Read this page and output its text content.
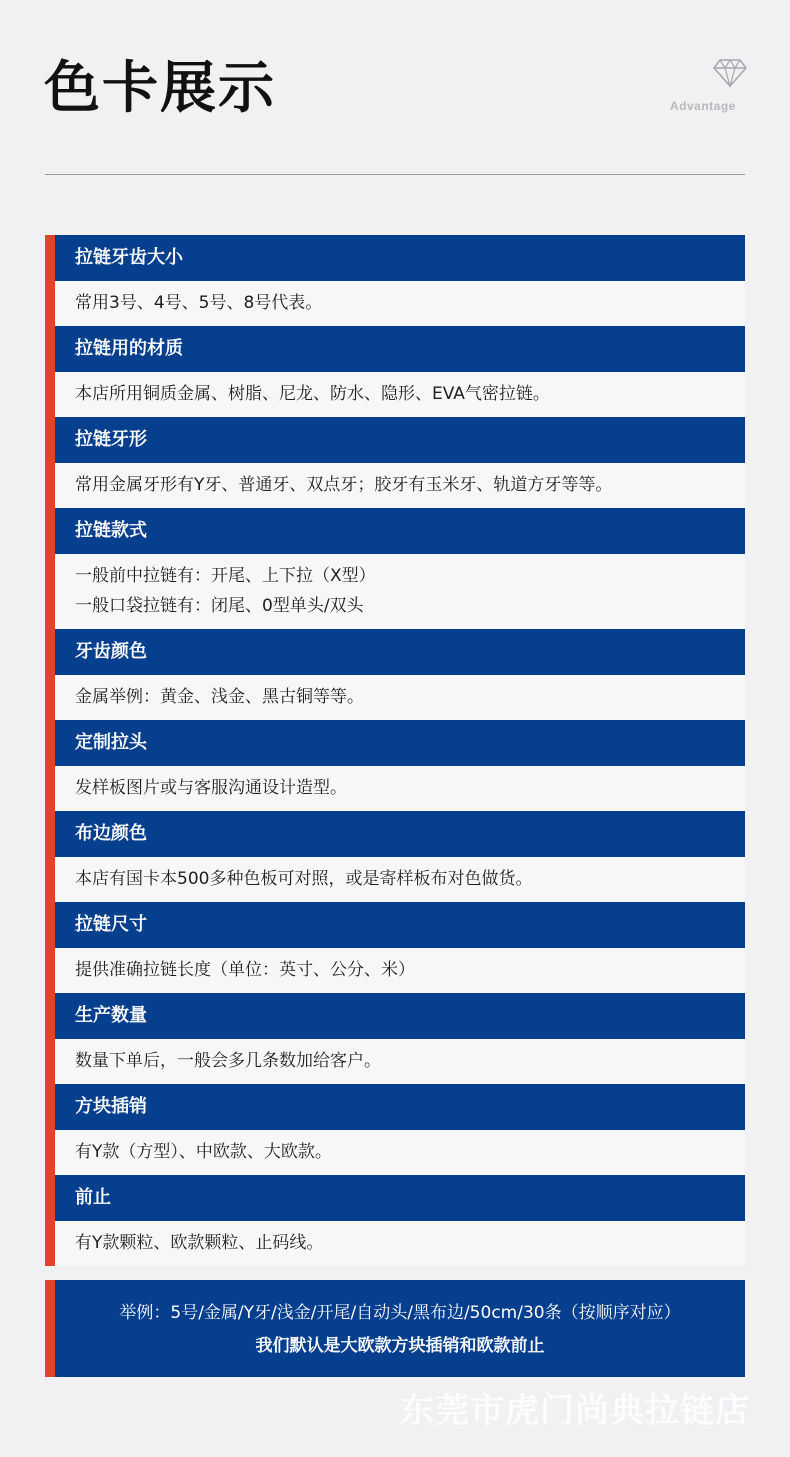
色卡展示	Advantage
拉链牙齿大小
常用3号、4号、5号、8号代表。
拉链用的材质
本店所用铜质金属、树脂、尼龙、防水、隐形、EVA气密拉链。
拉链牙形
常用金属牙形有Y牙、普通牙、双点牙；胶牙有玉米牙、轨道方牙等等。
拉链款式
一般前中拉链有：开尾、上下拉（X型）
一般口袋拉链有：闭尾、0型单头/双头
牙齿颜色
金属举例：黄金、浅金、黑古铜等等。
定制拉头
发样板图片或与客服沟通设计造型。
布边颜色
本店有国卡本500多种色板可对照，或是寄样板布对色做货。
拉链尺寸
提供准确拉链长度（单位：英寸、公分、米）
生产数量
数量下单后，一般会多几条数加给客户。
方块插销
有Y款（方型）、中欧款、大欧款。
前止
有Y款颗粒、欧款颗粒、止码线。
举例：5号/金属/Y牙/浅金/开尾/自动头/黑布边/50cm/30条（按顺序对应）
我们默认是大欧款方块插销和欧款前止
东莞市虎门尚典拉链店
